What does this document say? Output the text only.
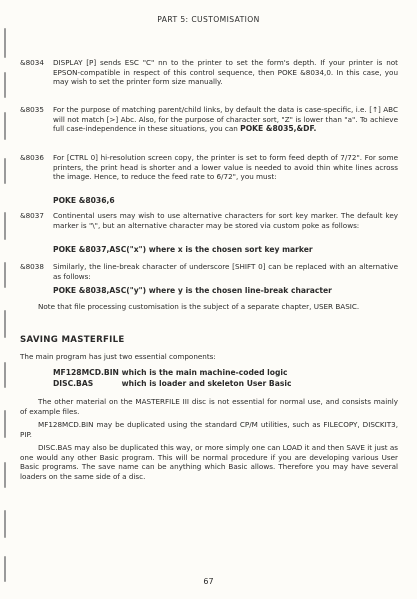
PART 5: CUSTOMISATION
&8034	DISPLAY [P] sends ESC "C" nn to the printer to set the form's depth. If your printer is not EPSON-compatible in respect of this control sequence, then POKE &8034,0. In this case, you may wish to set the printer form size manually.
&8035	For the purpose of matching parent/child links, by default the data is case-specific, i.e. [↑] ABC will not match [>] Abc. Also, for the purpose of character sort, "Z" is lower than "a". To achieve full case-independence in these situations, you can POKE &8035,&DF.
&8036	For [CTRL 0] hi-resolution screen copy, the printer is set to form feed depth of 7/72". For some printers, the print head is shorter and a lower value is needed to avoid thin white lines across the image. Hence, to reduce the feed rate to 6/72", you must:
POKE &8036,6
&8037	Continental users may wish to use alternative characters for sort key marker. The default key marker is "\", but an alternative character may be stored via custom poke as follows:
POKE &8037,ASC("x") where x is the chosen sort key marker
&8038	Similarly, the line-break character of underscore [SHIFT 0] can be replaced with an alternative as follows:
POKE &8038,ASC("y") where y is the chosen line-break character
Note that file processing customisation is the subject of a separate chapter, USER BASIC.
SAVING MASTERFILE
The main program has just two essential components:
MF128MCD.BIN which is the main machine-coded logic
DISC.BAS	which is loader and skeleton User Basic
The other material on the MASTERFILE III disc is not essential for normal use, and consists mainly of example files.
MF128MCD.BIN may be duplicated using the standard CP/M utilities, such as FILECOPY, DISCKIT3, PIP.
DISC.BAS may also be duplicated this way, or more simply one can LOAD it and then SAVE it just as one would any other Basic program. This will be normal procedure if you are developing various User Basic programs. The save name can be anything which Basic allows. Therefore you may have several loaders on the same side of a disc.
67
